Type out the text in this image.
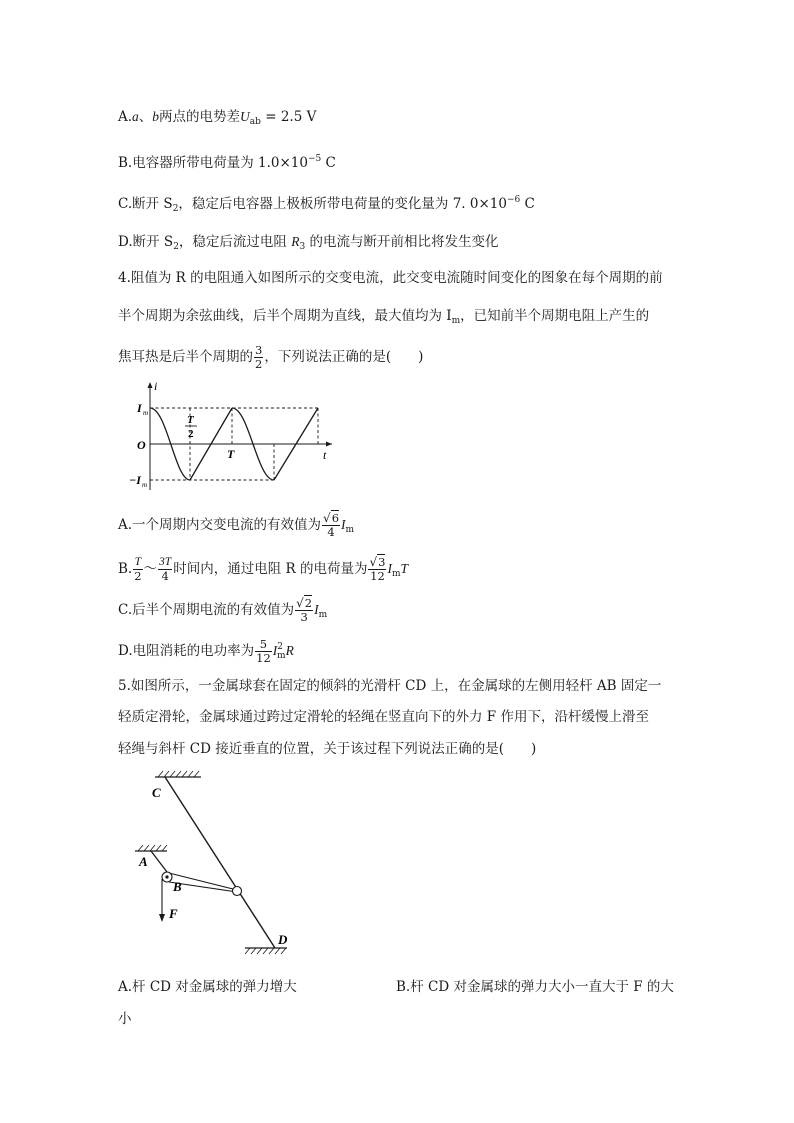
A.a、b两点的电势差$U_{ab} = 2.5$ V
B.电容器所带电荷量为 $1.0\times 10^{-5}$ C
C.断开 $S_2$，稳定后电容器上极板所带电荷量的变化量为 7. $0\times 10^{-6}$ C
D.断开 $S_2$，稳定后流过电阻 $R_3$ 的电流与断开前相比将发生变化
4.阻值为 R 的电阻通入如图所示的交变电流，此交变电流随时间变化的图象在每个周期的前
半个周期为余弦曲线，后半个周期为直线，最大值均为 $I_m$，已知前半个周期电阻上产生的
焦耳热是后半个周期的 $\frac{3}{2}$ ，下列说法正确的是(　　)
i
t
O
I m
−I m
T
2
T
A.一个周期内交变电流的有效值为 $\frac{√6}{4} I_m$
B. $\frac{T}{2}$ ～ $\frac{3T}{4}$ 时间内，通过电阻 R 的电荷量为 $\frac{√3}{12} I_mT$
C.后半个周期电流的有效值为 $\frac{√2}{3} I_m$
D.电阻消耗的电功率为 $\frac{5}{12} I^2_mR$
5.如图所示，一金属球套在固定的倾斜的光滑杆 CD 上，在金属球的左侧用轻杆 AB 固定一
轻质定滑轮，金属球通过跨过定滑轮的轻绳在竖直向下的外力 F 作用下，沿杆缓慢上滑至
轻绳与斜杆 CD 接近垂直的位置，关于该过程下列说法正确的是(　　)
C
A
B
F
D
A.杆 CD 对金属球的弹力增大	B.杆 CD 对金属球的弹力大小一直大于 F 的大
小
